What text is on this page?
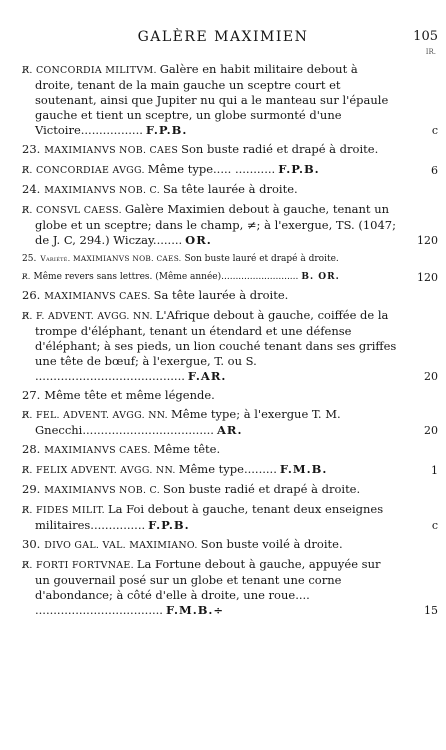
GALÈRE MAXIMIEN	105
IR.
R̸. CONCORDIA MILITVM. Galère en habit militaire debout à droite, tenant de la main gauche un sceptre court et soutenant, ainsi que Jupiter nu qui a le manteau sur l'épaule gauche et tient un sceptre, un globe surmonté d'une Victoire................. F.P.B.	c
23. MAXIMIANVS NOB. CAES Son buste radié et drapé à droite.
R̸. CONCORDIAE AVGG. Même type..... ........... F.P.B.	6
24. MAXIMIANVS NOB. C. Sa tête laurée à droite.
R̸. CONSVL CAESS. Galère Maximien debout à gauche, tenant un globe et un sceptre; dans le champ, ≠; à l'exergue, TS. (1047; de J. C, 294.) Wiczay........ OR.	120
25. Variété. MAXIMIANVS NOB. CAES. Son buste lauré et drapé à droite.
R̸. Même revers sans lettres. (Même année)........................... B. OR.	120
26. MAXIMIANVS CAES. Sa tête laurée à droite.
R̸. F. ADVENT. AVGG. NN. L'Afrique debout à gauche, coiffée de la trompe d'éléphant, tenant un étendard et une défense d'éléphant; à ses pieds, un lion couché tenant dans ses griffes une tête de bœuf; à l'exergue, T. ou S. ......................................... F.AR.	20
27. Même tête et même légende.
R̸. FEL. ADVENT. AVGG. NN. Même type; à l'exergue T. M. Gnecchi.................................... AR.	20
28. MAXIMIANVS CAES. Même tête.
R̸. FELIX ADVENT. AVGG. NN. Même type......... F.M.B.	1
29. MAXIMIANVS NOB. C. Son buste radié et drapé à droite.
R̸. FIDES MILIT. La Foi debout à gauche, tenant deux enseignes militaires............... F.P.B.	c
30. DIVO GAL. VAL. MAXIMIANO. Son buste voilé à droite.
R̸. FORTI FORTVNAE. La Fortune debout à gauche, appuyée sur un gouvernail posé sur un globe et tenant une corne d'abondance; à côté d'elle à droite, une roue.... ................................... F.M.B.÷	15
